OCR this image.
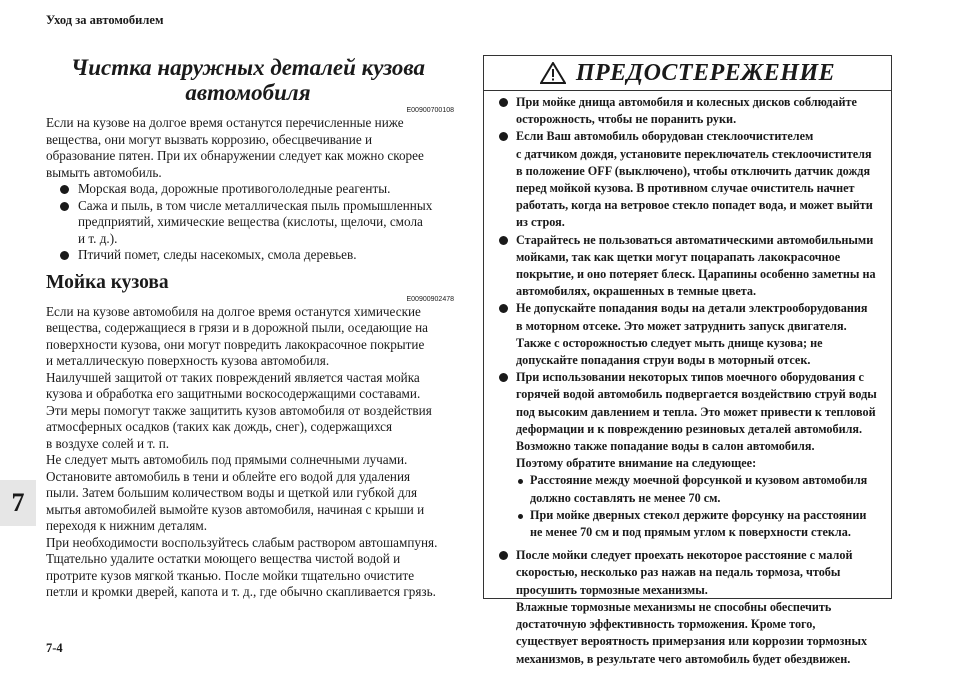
Уход за автомобилем
7
7-4
Чистка наружных деталей кузова
автомобиля
E00900700108
Если на кузове на долгое время останутся перечисленные ниже
вещества, они могут вызвать коррозию, обесцвечивание и
образование пятен. При их обнаружении следует как можно скорее
вымыть автомобиль.
Морская вода, дорожные противогололедные реагенты.
Сажа и пыль, в том числе металлическая пыль промышленных
предприятий, химические вещества (кислоты, щелочи, смола
и т. д.).
Птичий помет, следы насекомых, смола деревьев.
Мойка кузова
E00900902478
Если на кузове автомобиля на долгое время останутся химические
вещества, содержащиеся в грязи и в дорожной пыли, оседающие на
поверхности кузова, они могут повредить лакокрасочное покрытие
и металлическую поверхность кузова автомобиля.
Наилучшей защитой от таких повреждений является частая мойка
кузова и обработка его защитными воскосодержащими составами.
Эти меры помогут также защитить кузов автомобиля от воздействия
атмосферных осадков (таких как дождь, снег), содержащихся
в воздухе солей и т. п.
Не следует мыть автомобиль под прямыми солнечными лучами.
Остановите автомобиль в тени и облейте его водой для удаления
пыли. Затем большим количеством воды и щеткой или губкой для
мытья автомобилей вымойте кузов автомобиля, начиная с крыши и
переходя к нижним деталям.
При необходимости воспользуйтесь слабым раствором автошампуня.
Тщательно удалите остатки моющего вещества чистой водой и
протрите кузов мягкой тканью. После мойки тщательно очистите
петли и кромки дверей, капота и т. д., где обычно скапливается грязь.
ПРЕДОСТЕРЕЖЕНИЕ
При мойке днища автомобиля и колесных дисков соблюдайте
осторожность, чтобы не поранить руки.
Если Ваш автомобиль оборудован стеклоочистителем
с датчиком дождя, установите переключатель стеклоочистителя
в положение OFF (выключено), чтобы отключить датчик дождя
перед мойкой кузова. В противном случае очиститель начнет
работать, когда на ветровое стекло попадет вода, и может выйти
из строя.
Старайтесь не пользоваться автоматическими автомобильными
мойками, так как щетки могут поцарапать лакокрасочное
покрытие, и оно потеряет блеск. Царапины особенно заметны на
автомобилях, окрашенных в темные цвета.
Не допускайте попадания воды на детали электрооборудования
в моторном отсеке. Это может затруднить запуск двигателя.
Также с осторожностью следует мыть днище кузова; не
допускайте попадания струи воды в моторный отсек.
При использовании некоторых типов моечного оборудования с
горячей водой автомобиль подвергается воздействию струй воды
под высоким давлением и тепла. Это может привести к тепловой
деформации и к повреждению резиновых деталей автомобиля.
Возможно также попадание воды в салон автомобиля.
Поэтому обратите внимание на следующее:
Расстояние между моечной форсункой и кузовом автомобиля
должно составлять не менее 70 см.
При мойке дверных стекол держите форсунку на расстоянии
не менее 70 см и под прямым углом к поверхности стекла.
После мойки следует проехать некоторое расстояние с малой
скоростью, несколько раз нажав на педаль тормоза, чтобы
просушить тормозные механизмы.
Влажные тормозные механизмы не способны обеспечить
достаточную эффективность торможения. Кроме того,
существует вероятность примерзания или коррозии тормозных
механизмов, в результате чего автомобиль будет обездвижен.
